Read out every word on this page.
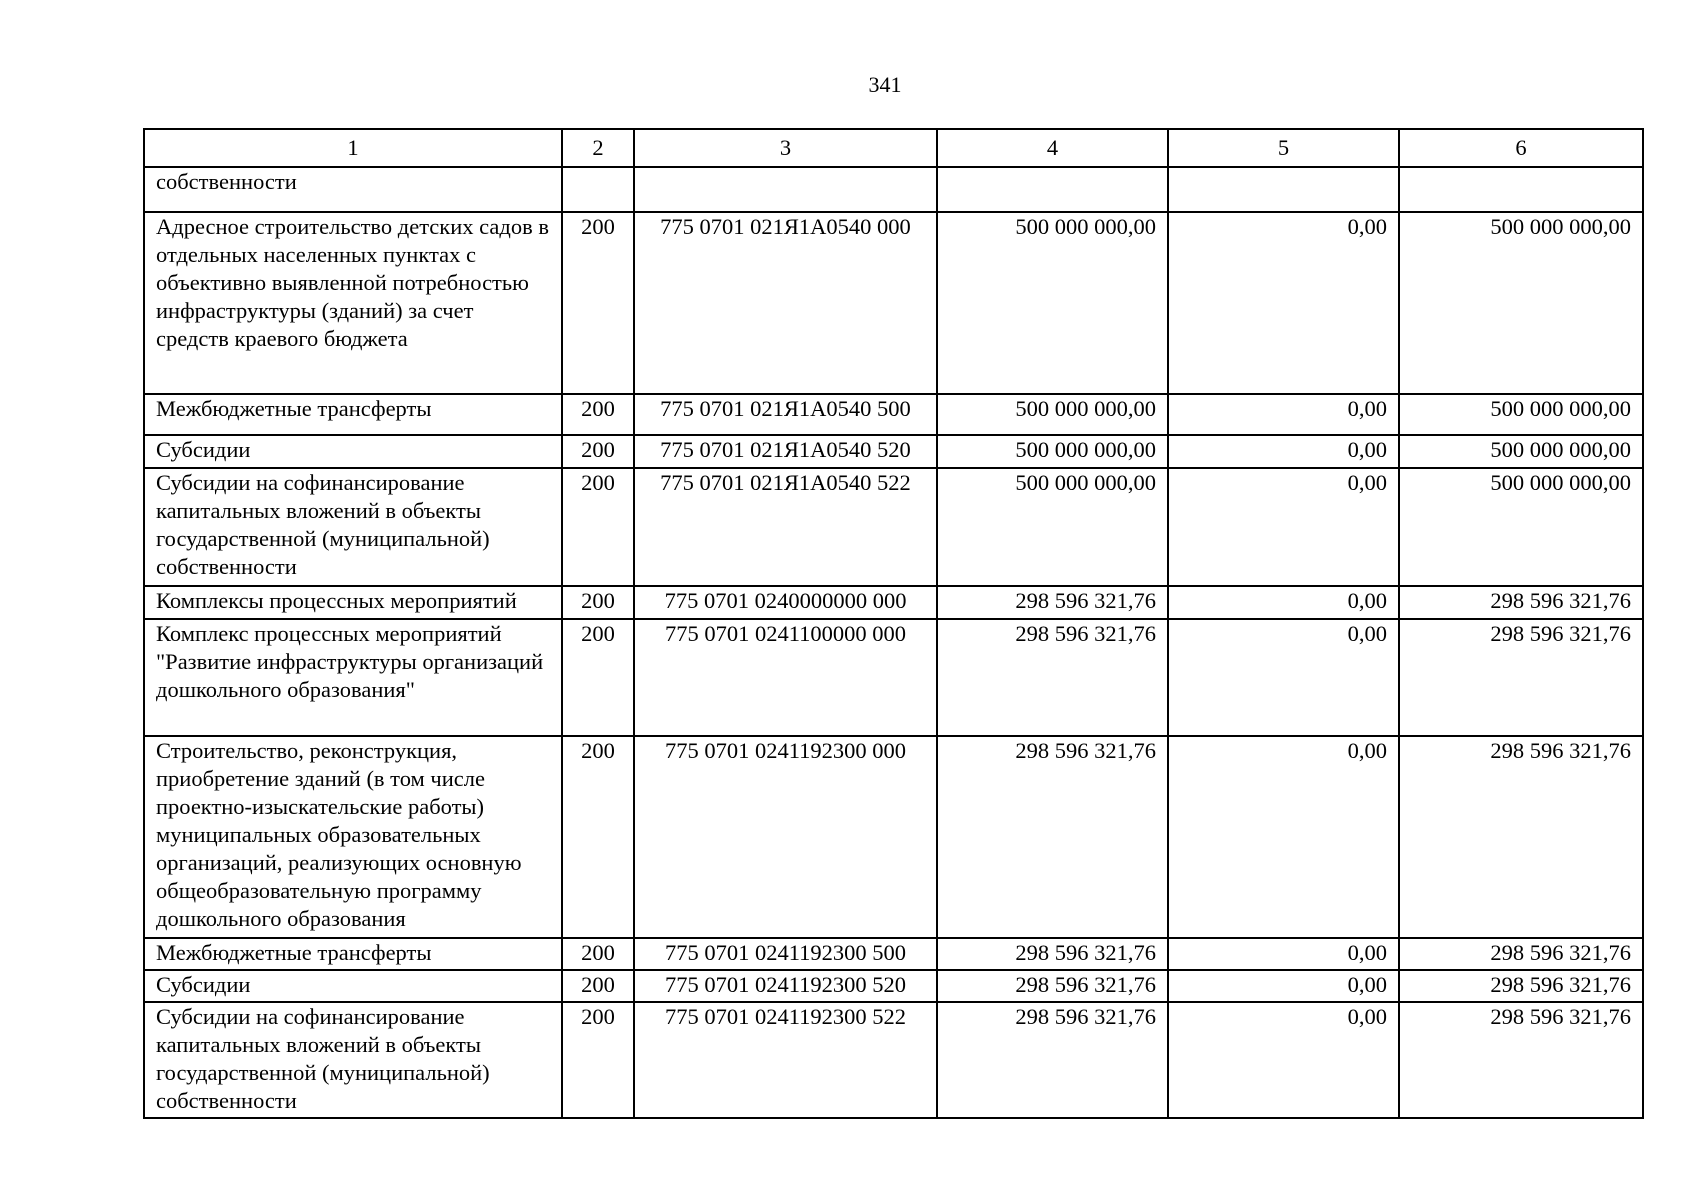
341
1	2	3	4	5	6
собственности					
Адресное строительство детских садов в отдельных населенных пунктах с объективно выявленной потребностью инфраструктуры (зданий) за счет средств краевого бюджета	200	775 0701 021Я1А0540 000	500 000 000,00	0,00	500 000 000,00
Межбюджетные трансферты	200	775 0701 021Я1А0540 500	500 000 000,00	0,00	500 000 000,00
Субсидии	200	775 0701 021Я1А0540 520	500 000 000,00	0,00	500 000 000,00
Субсидии на софинансирование капитальных вложений в объекты государственной (муниципальной) собственности	200	775 0701 021Я1А0540 522	500 000 000,00	0,00	500 000 000,00
Комплексы процессных мероприятий	200	775 0701 0240000000 000	298 596 321,76	0,00	298 596 321,76
Комплекс процессных мероприятий "Развитие инфраструктуры организаций дошкольного образования"	200	775 0701 0241100000 000	298 596 321,76	0,00	298 596 321,76
Строительство, реконструкция, приобретение зданий (в том числе проектно-изыскательские работы) муниципальных образовательных организаций, реализующих основную общеобразовательную программу дошкольного образования	200	775 0701 0241192300 000	298 596 321,76	0,00	298 596 321,76
Межбюджетные трансферты	200	775 0701 0241192300 500	298 596 321,76	0,00	298 596 321,76
Субсидии	200	775 0701 0241192300 520	298 596 321,76	0,00	298 596 321,76
Субсидии на софинансирование капитальных вложений в объекты государственной (муниципальной) собственности	200	775 0701 0241192300 522	298 596 321,76	0,00	298 596 321,76
